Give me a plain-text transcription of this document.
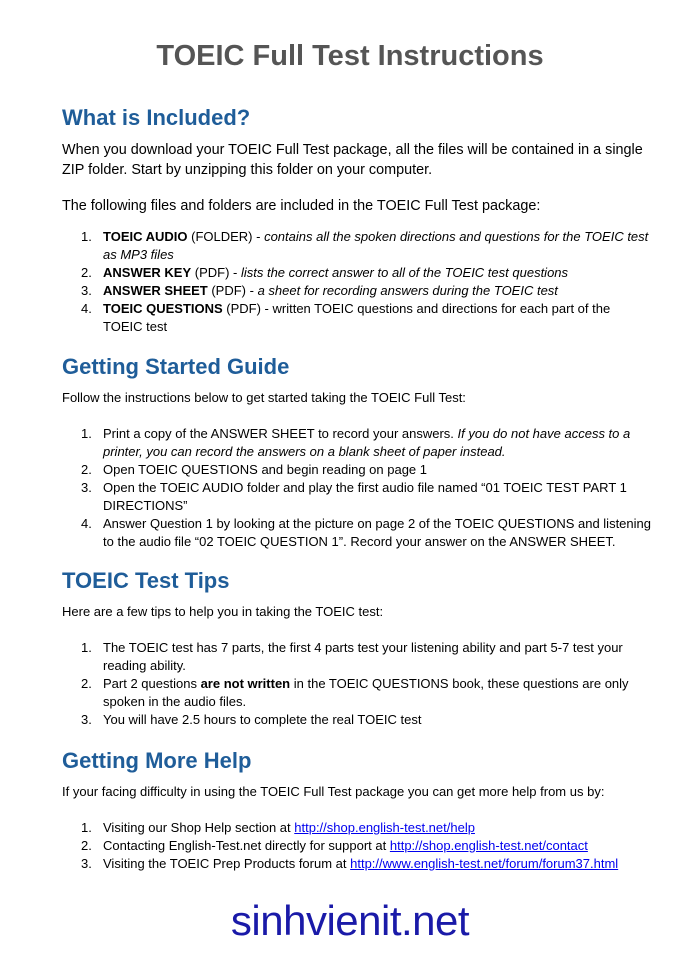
TOEIC Full Test Instructions
What is Included?

When you download your TOEIC Full Test package, all the files will be contained in a single ZIP folder. Start by unzipping this folder on your computer.

The following files and folders are included in the TOEIC Full Test package:

1. TOEIC AUDIO (FOLDER) - contains all the spoken directions and questions for the TOEIC test as MP3 files
2. ANSWER KEY (PDF) - lists the correct answer to all of the TOEIC test questions
3. ANSWER SHEET (PDF) - a sheet for recording answers during the TOEIC test
4. TOEIC QUESTIONS (PDF) - written TOEIC questions and directions for each part of the TOEIC test
Getting Started Guide

Follow the instructions below to get started taking the TOEIC Full Test:

1. Print a copy of the ANSWER SHEET to record your answers. If you do not have access to a printer, you can record the answers on a blank sheet of paper instead.
2. Open TOEIC QUESTIONS and begin reading on page 1
3. Open the TOEIC AUDIO folder and play the first audio file named “01 TOEIC TEST PART 1 DIRECTIONS”
4. Answer Question 1 by looking at the picture on page 2 of the TOEIC QUESTIONS and listening to the audio file “02 TOEIC QUESTION 1”. Record your answer on the ANSWER SHEET.
TOEIC Test Tips

Here are a few tips to help you in taking the TOEIC test:

1. The TOEIC test has 7 parts, the first 4 parts test your listening ability and part 5-7 test your reading ability.
2. Part 2 questions are not written in the TOEIC QUESTIONS book, these questions are only spoken in the audio files.
3. You will have 2.5 hours to complete the real TOEIC test
Getting More Help

If your facing difficulty in using the TOEIC Full Test package you can get more help from us by:

1. Visiting our Shop Help section at http://shop.english-test.net/help
2. Contacting English-Test.net directly for support at http://shop.english-test.net/contact
3. Visiting the TOEIC Prep Products forum at http://www.english-test.net/forum/forum37.html
sinhvienit.net
